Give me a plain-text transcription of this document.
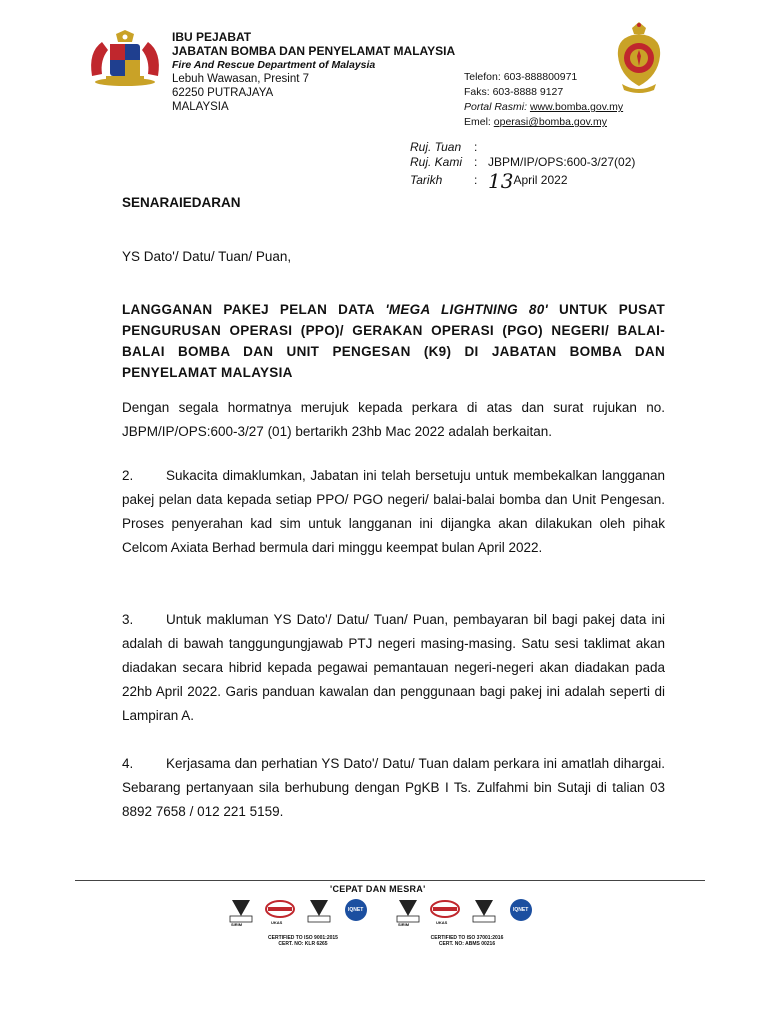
IBU PEJABAT
JABATAN BOMBA DAN PENYELAMAT MALAYSIA
Fire And Rescue Department of Malaysia
Lebuh Wawasan, Presint 7
62250 PUTRAJAYA
MALAYSIA
Telefon: 603-888800971
Faks: 603-8888 9127
Portal Rasmi: www.bomba.gov.my
Emel: operasi@bomba.gov.my
Ruj. Tuan :
Ruj. Kami : JBPM/IP/OPS:600-3/27(02)
Tarikh	: 13April 2022
SENARAIEDARAN
YS Dato'/ Datu/ Tuan/ Puan,
LANGGANAN PAKEJ PELAN DATA 'MEGA LIGHTNING 80' UNTUK PUSAT PENGURUSAN OPERASI (PPO)/ GERAKAN OPERASI (PGO) NEGERI/ BALAI-BALAI BOMBA DAN UNIT PENGESAN (K9) DI JABATAN BOMBA DAN PENYELAMAT MALAYSIA
Dengan segala hormatnya merujuk kepada perkara di atas dan surat rujukan no. JBPM/IP/OPS:600-3/27 (01) bertarikh 23hb Mac 2022 adalah berkaitan.
2. Sukacita dimaklumkan, Jabatan ini telah bersetuju untuk membekalkan langganan pakej pelan data kepada setiap PPO/ PGO negeri/ balai-balai bomba dan Unit Pengesan. Proses penyerahan kad sim untuk langganan ini dijangka akan dilakukan oleh pihak Celcom Axiata Berhad bermula dari minggu keempat bulan April 2022.
3. Untuk makluman YS Dato'/ Datu/ Tuan/ Puan, pembayaran bil bagi pakej data ini adalah di bawah tanggungungjawab PTJ negeri masing-masing. Satu sesi taklimat akan diadakan secara hibrid kepada pegawai pemantauan negeri-negeri akan diadakan pada 22hb April 2022. Garis panduan kawalan dan penggunaan bagi pakej ini adalah seperti di Lampiran A.
4. Kerjasama dan perhatian YS Dato'/ Datu/ Tuan dalam perkara ini amatlah dihargai. Sebarang pertanyaan sila berhubung dengan PgKB I Ts. Zulfahmi bin Sutaji di talian 03 8892 7658 / 012 221 5159.
'CEPAT DAN MESRA'
SIRIM	UKAS
IQNET
CERTIFIED TO ISO 9001:2015
CERT. NO: KLR 6265
SIRIM	UKAS
IQNET
CERTIFIED TO ISO 37001:2016
CERT. NO: ABMS 00216
